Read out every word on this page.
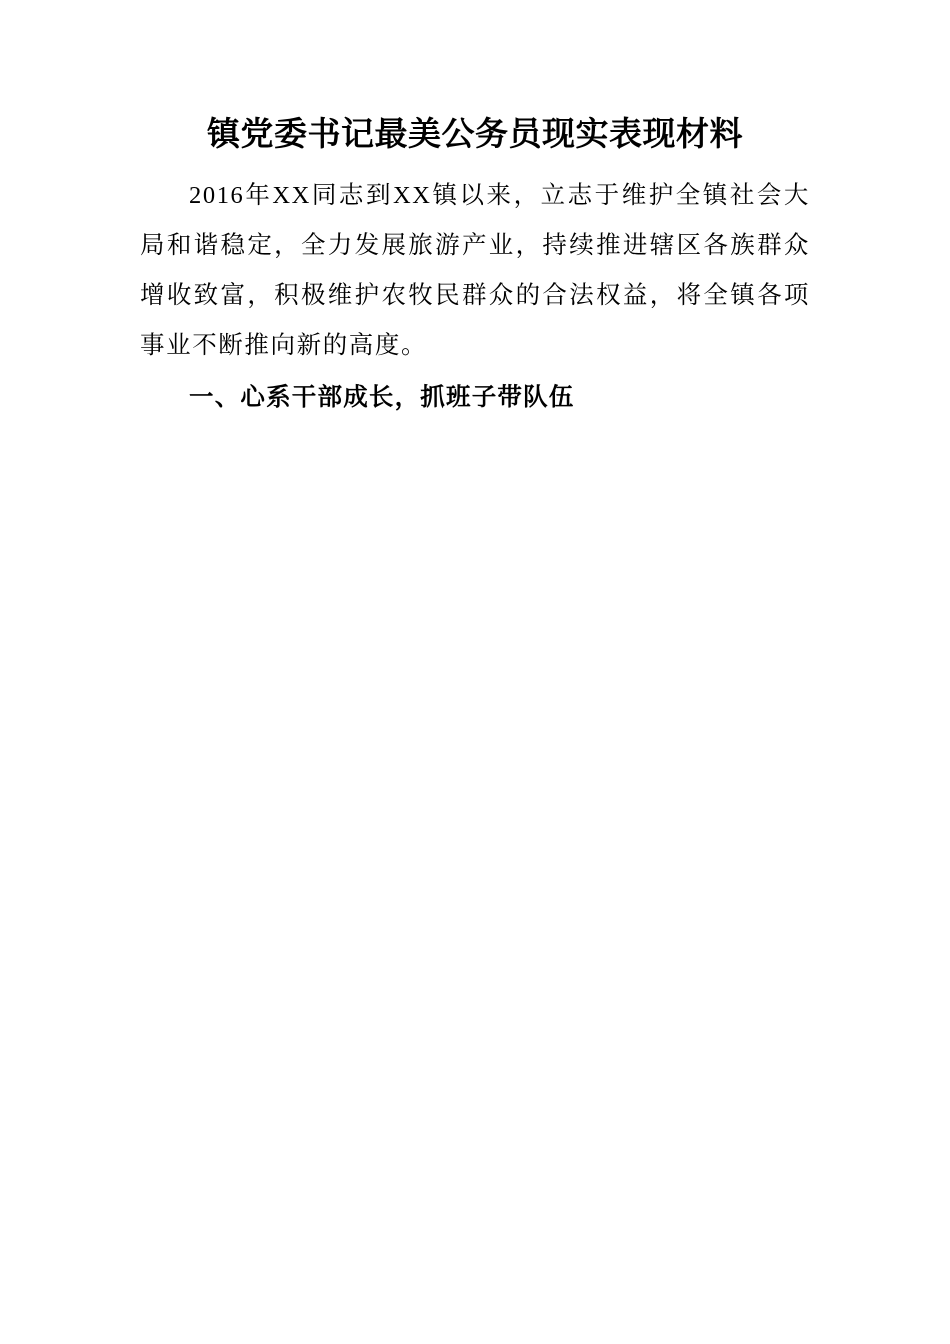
镇党委书记最美公务员现实表现材料

2016年XX同志到XX镇以来，立志于维护全镇社会大局和谐稳定，全力发展旅游产业，持续推进辖区各族群众增收致富，积极维护农牧民群众的合法权益，将全镇各项事业不断推向新的高度。

一、心系干部成长，抓班子带队伍
